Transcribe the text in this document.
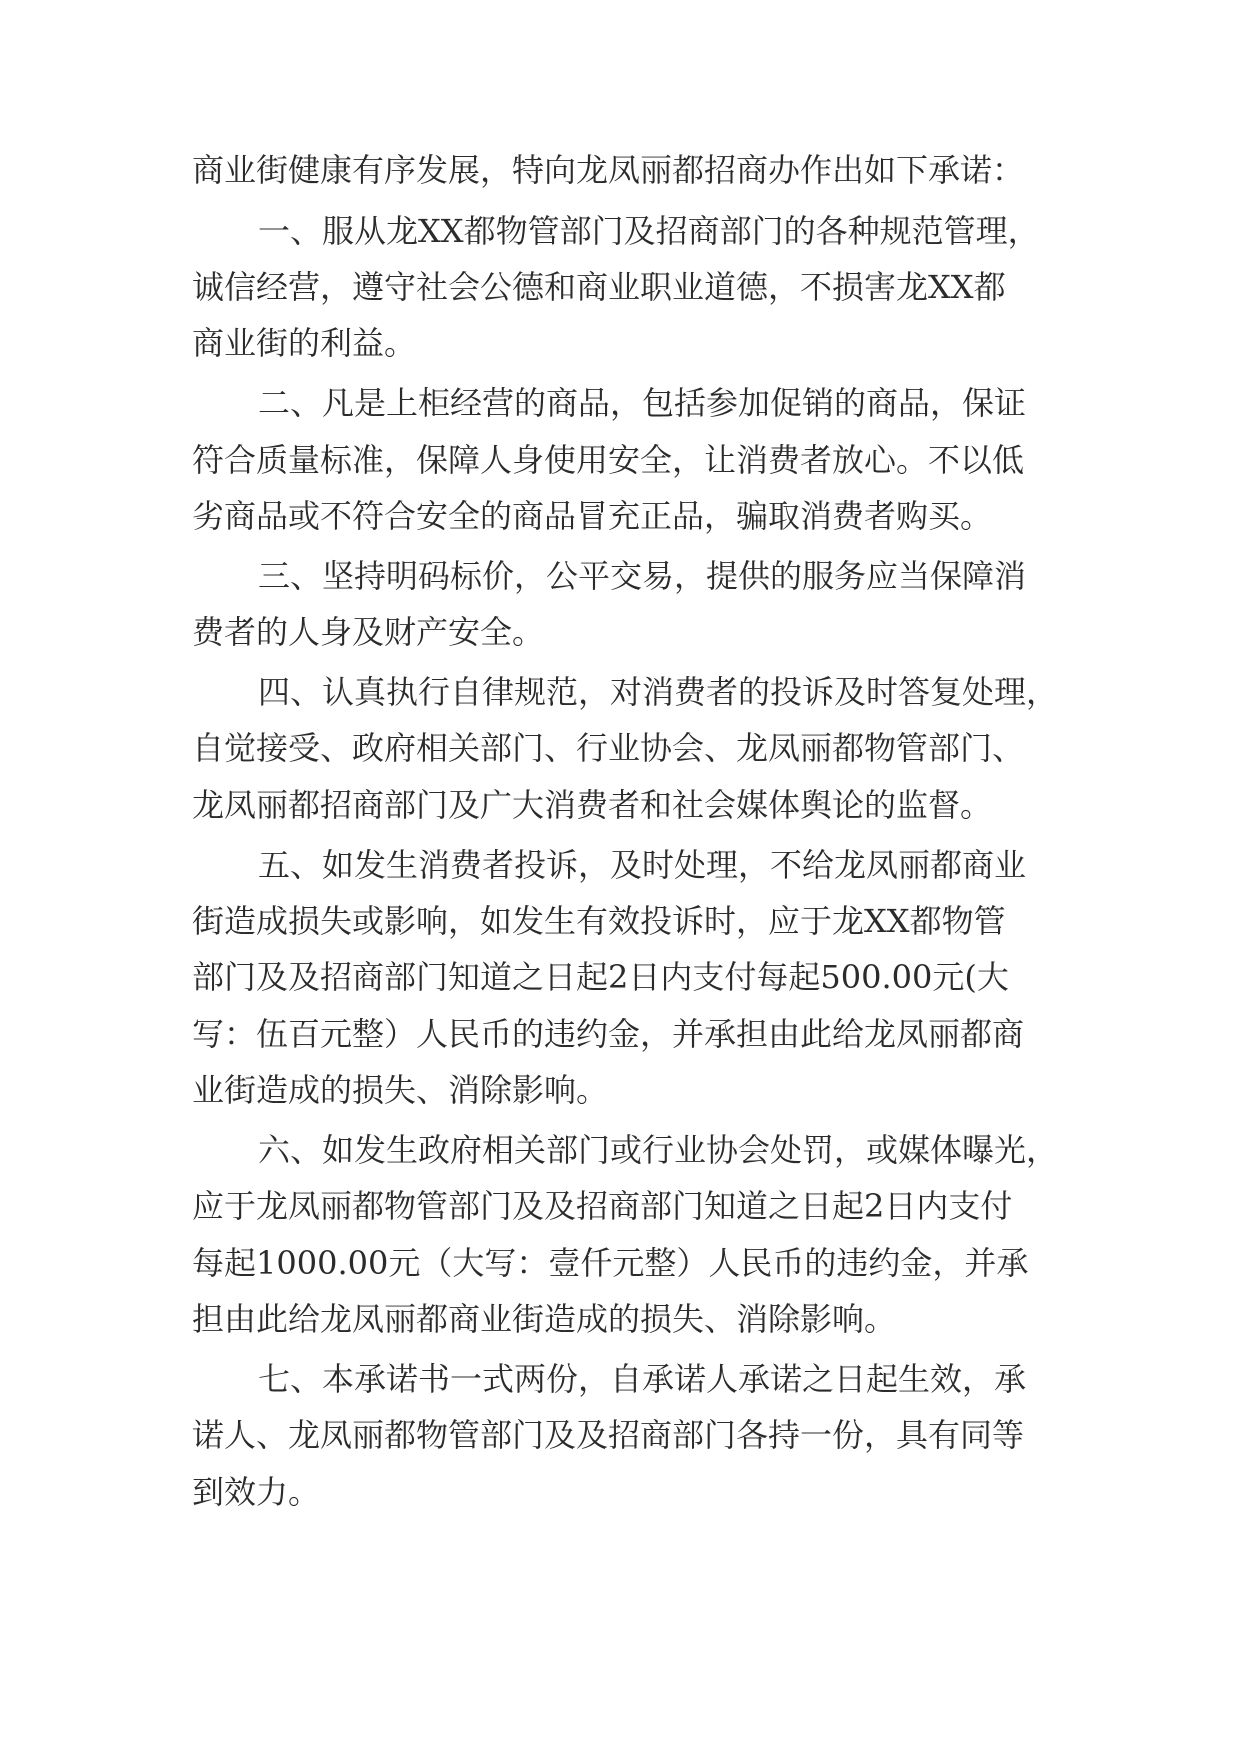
商业街健康有序发展，特向龙凤丽都招商办作出如下承诺：

一、服从龙XX都物管部门及招商部门的各种规范管理，

诚信经营，遵守社会公德和商业职业道德，不损害龙XX都

商业街的利益。

二、凡是上柜经营的商品，包括参加促销的商品，保证

符合质量标准，保障人身使用安全，让消费者放心。不以低

劣商品或不符合安全的商品冒充正品，骗取消费者购买。

三、坚持明码标价，公平交易，提供的服务应当保障消

费者的人身及财产安全。

四、认真执行自律规范，对消费者的投诉及时答复处理，

自觉接受、政府相关部门、行业协会、龙凤丽都物管部门、

龙凤丽都招商部门及广大消费者和社会媒体舆论的监督。

五、如发生消费者投诉，及时处理，不给龙凤丽都商业

街造成损失或影响，如发生有效投诉时，应于龙XX都物管

部门及及招商部门知道之日起2日内支付每起500.00元(大

写：伍百元整）人民币的违约金，并承担由此给龙凤丽都商

业街造成的损失、消除影响。

六、如发生政府相关部门或行业协会处罚，或媒体曝光，

应于龙凤丽都物管部门及及招商部门知道之日起2日内支付

每起1000.00元（大写：壹仟元整）人民币的违约金，并承

担由此给龙凤丽都商业街造成的损失、消除影响。

七、本承诺书一式两份，自承诺人承诺之日起生效，承

诺人、龙凤丽都物管部门及及招商部门各持一份，具有同等

到效力。
